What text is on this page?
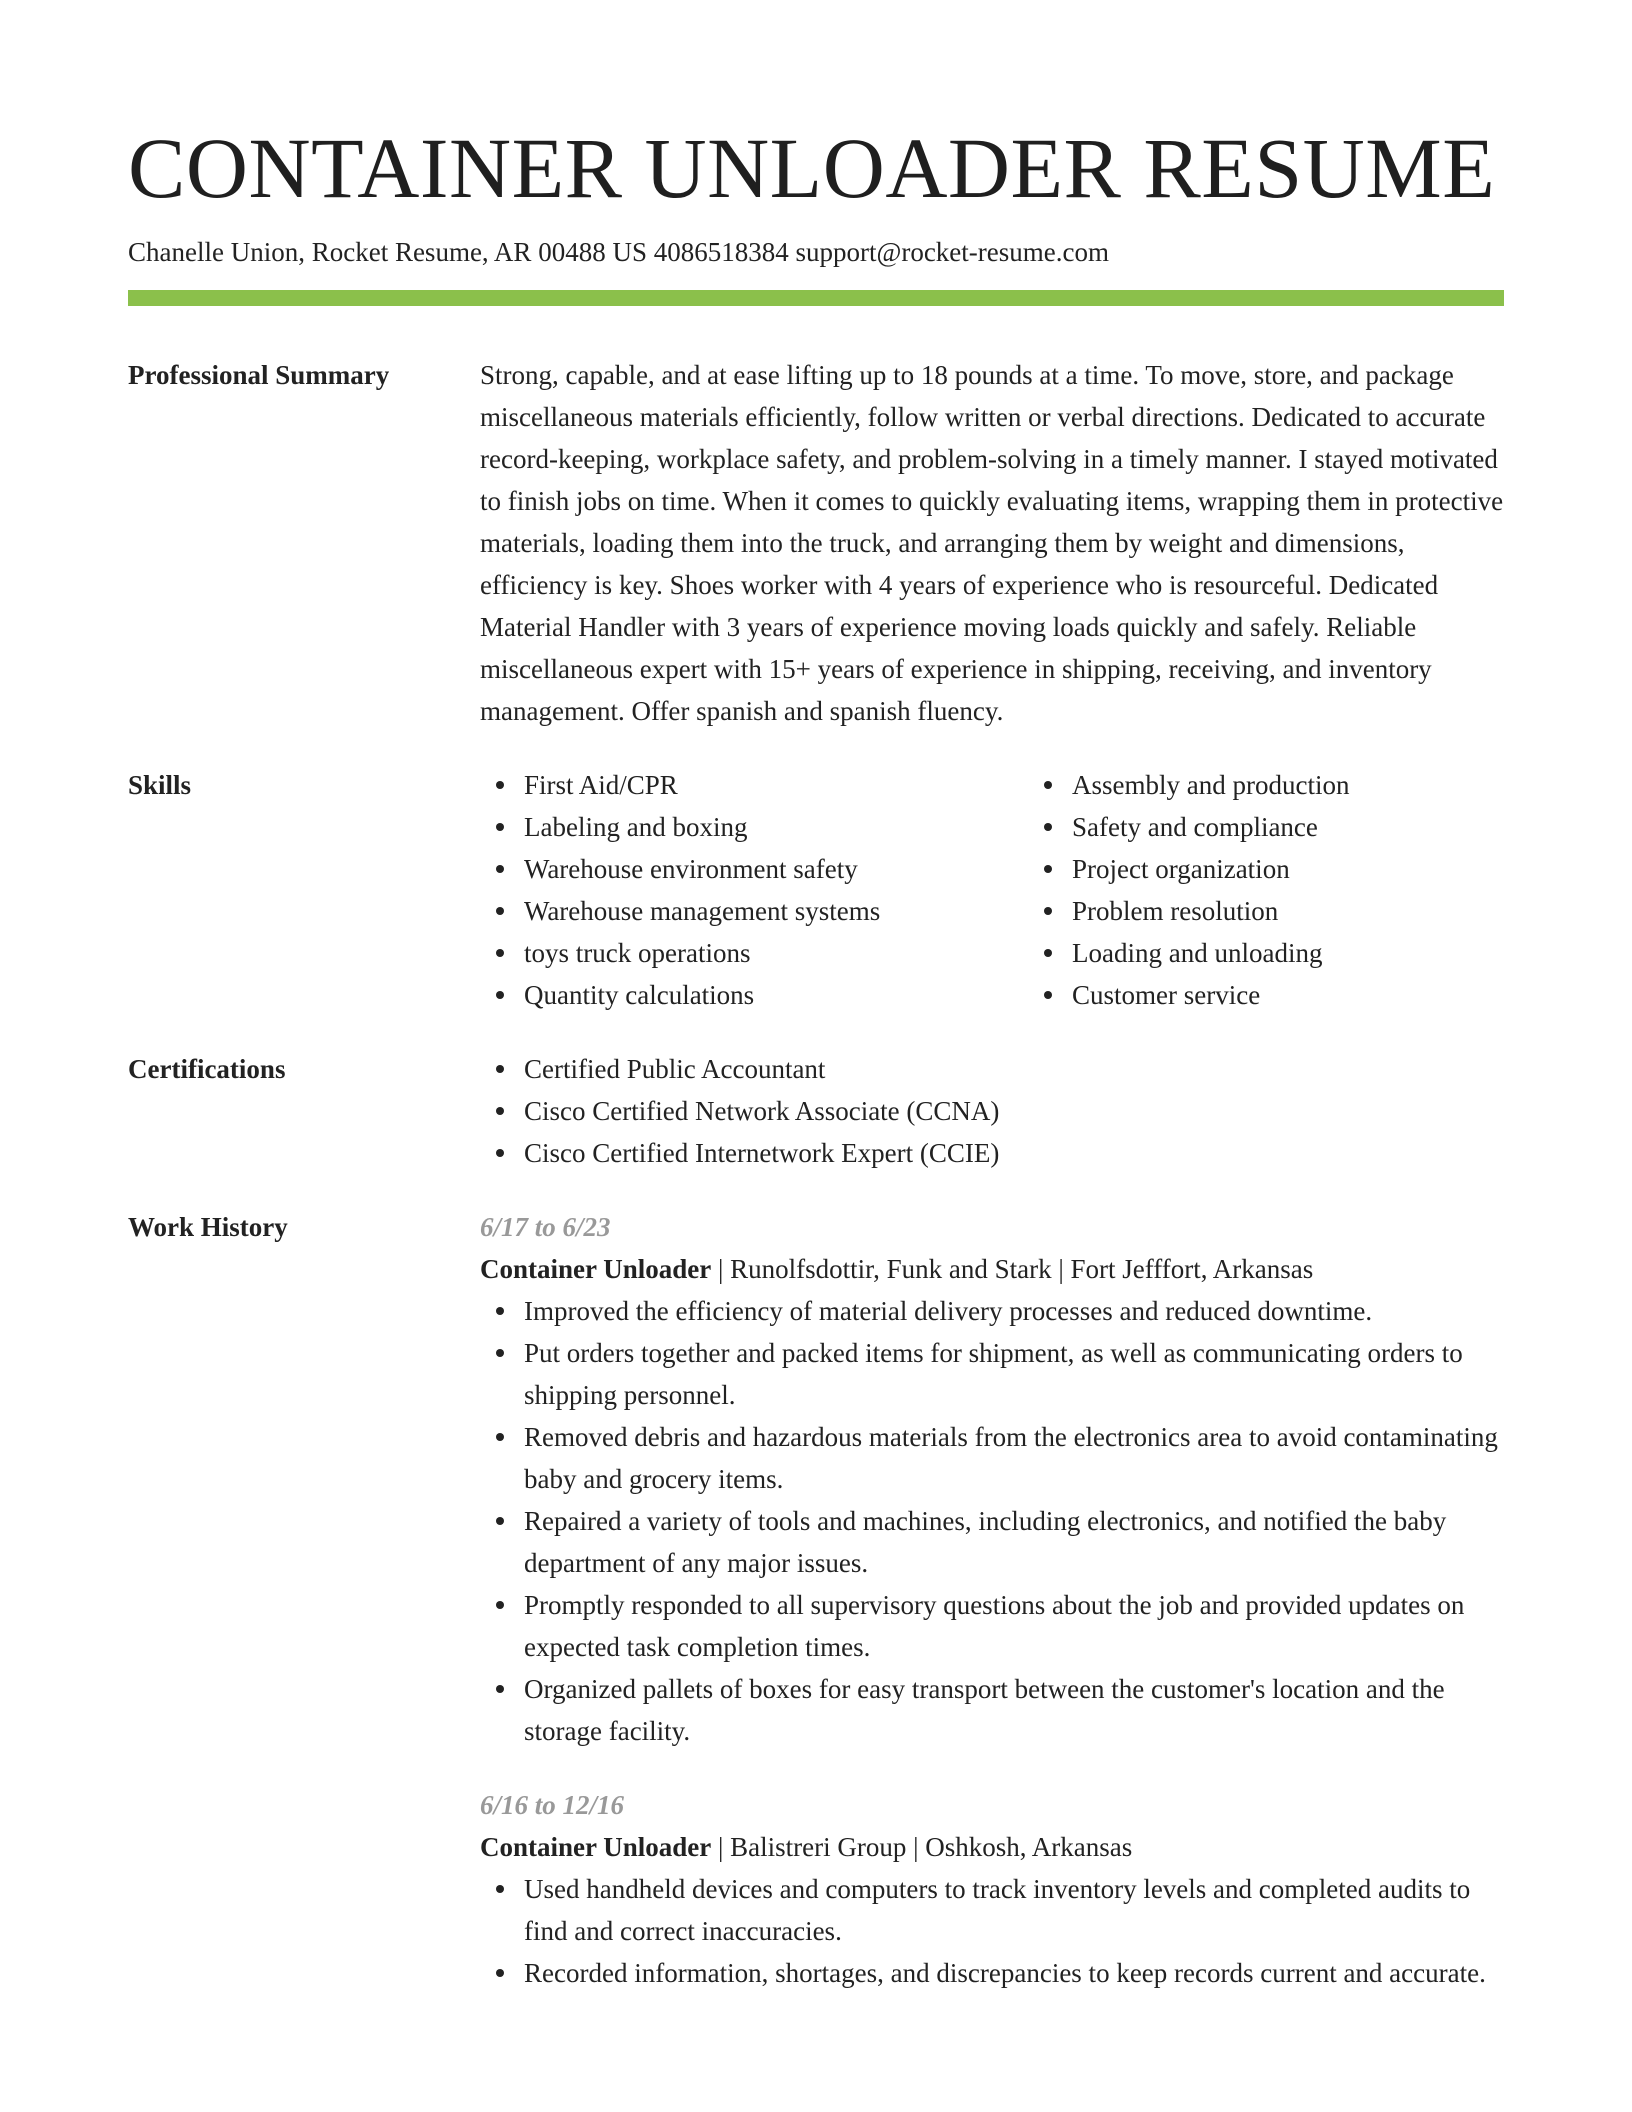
CONTAINER UNLOADER RESUME
Chanelle Union, Rocket Resume, AR 00488 US 4086518384 support@rocket-resume.com
Professional Summary	Strong, capable, and at ease lifting up to 18 pounds at a time. To move, store, and package miscellaneous materials efficiently, follow written or verbal directions. Dedicated to accurate record-keeping, workplace safety, and problem-solving in a timely manner. I stayed motivated to finish jobs on time. When it comes to quickly evaluating items, wrapping them in protective materials, loading them into the truck, and arranging them by weight and dimensions, efficiency is key. Shoes worker with 4 years of experience who is resourceful. Dedicated Material Handler with 3 years of experience moving loads quickly and safely. Reliable miscellaneous expert with 15+ years of experience in shipping, receiving, and inventory management. Offer spanish and spanish fluency.
Skills	First Aid/CPR
Labeling and boxing
Warehouse environment safety
Warehouse management systems
toys truck operations
Quantity calculations
Assembly and production
Safety and compliance
Project organization
Problem resolution
Loading and unloading
Customer service
Certifications	Certified Public Accountant
Cisco Certified Network Associate (CCNA)
Cisco Certified Internetwork Expert (CCIE)
Work History	6/17 to 6/23
Container Unloader | Runolfsdottir, Funk and Stark | Fort Jefffort, Arkansas
Improved the efficiency of material delivery processes and reduced downtime.
Put orders together and packed items for shipment, as well as communicating orders to shipping personnel.
Removed debris and hazardous materials from the electronics area to avoid contaminating baby and grocery items.
Repaired a variety of tools and machines, including electronics, and notified the baby department of any major issues.
Promptly responded to all supervisory questions about the job and provided updates on expected task completion times.
Organized pallets of boxes for easy transport between the customer's location and the storage facility.
6/16 to 12/16
Container Unloader | Balistreri Group | Oshkosh, Arkansas
Used handheld devices and computers to track inventory levels and completed audits to find and correct inaccuracies.
Recorded information, shortages, and discrepancies to keep records current and accurate.
